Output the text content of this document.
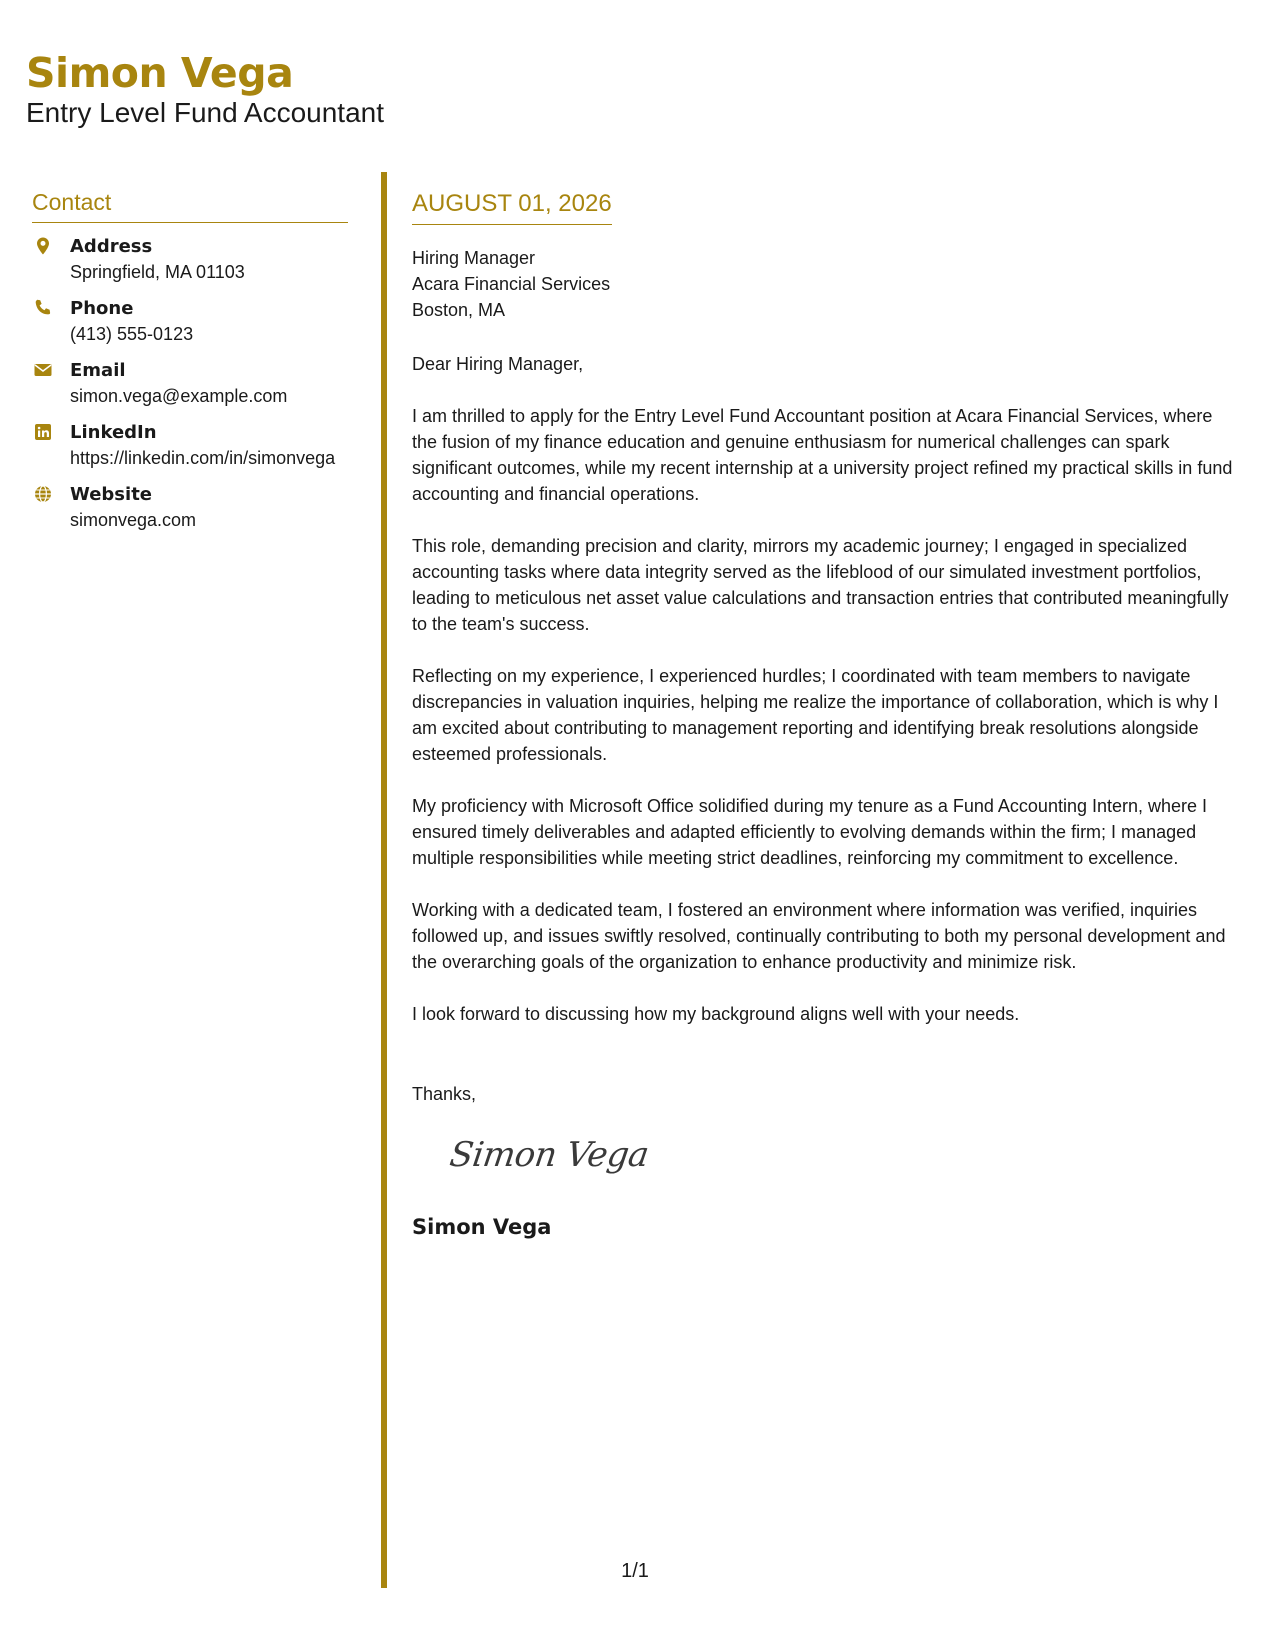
Simon Vega
Entry Level Fund Accountant
Contact
Address
Springfield, MA 01103
Phone
(413) 555-0123
Email
simon.vega@example.com
LinkedIn
https://linkedin.com/in/simonvega
Website
simonvega.com
AUGUST 01, 2026
Hiring Manager
Acara Financial Services
Boston, MA
Dear Hiring Manager,
I am thrilled to apply for the Entry Level Fund Accountant position at Acara Financial Services, where the fusion of my finance education and genuine enthusiasm for numerical challenges can spark significant outcomes, while my recent internship at a university project refined my practical skills in fund accounting and financial operations.
This role, demanding precision and clarity, mirrors my academic journey; I engaged in specialized accounting tasks where data integrity served as the lifeblood of our simulated investment portfolios, leading to meticulous net asset value calculations and transaction entries that contributed meaningfully to the team's success.
Reflecting on my experience, I experienced hurdles; I coordinated with team members to navigate discrepancies in valuation inquiries, helping me realize the importance of collaboration, which is why I am excited about contributing to management reporting and identifying break resolutions alongside esteemed professionals.
My proficiency with Microsoft Office solidified during my tenure as a Fund Accounting Intern, where I ensured timely deliverables and adapted efficiently to evolving demands within the firm; I managed multiple responsibilities while meeting strict deadlines, reinforcing my commitment to excellence.
Working with a dedicated team, I fostered an environment where information was verified, inquiries followed up, and issues swiftly resolved, continually contributing to both my personal development and the overarching goals of the organization to enhance productivity and minimize risk.
I look forward to discussing how my background aligns well with your needs.
Thanks,
Simon Vega
Simon Vega
1/1
